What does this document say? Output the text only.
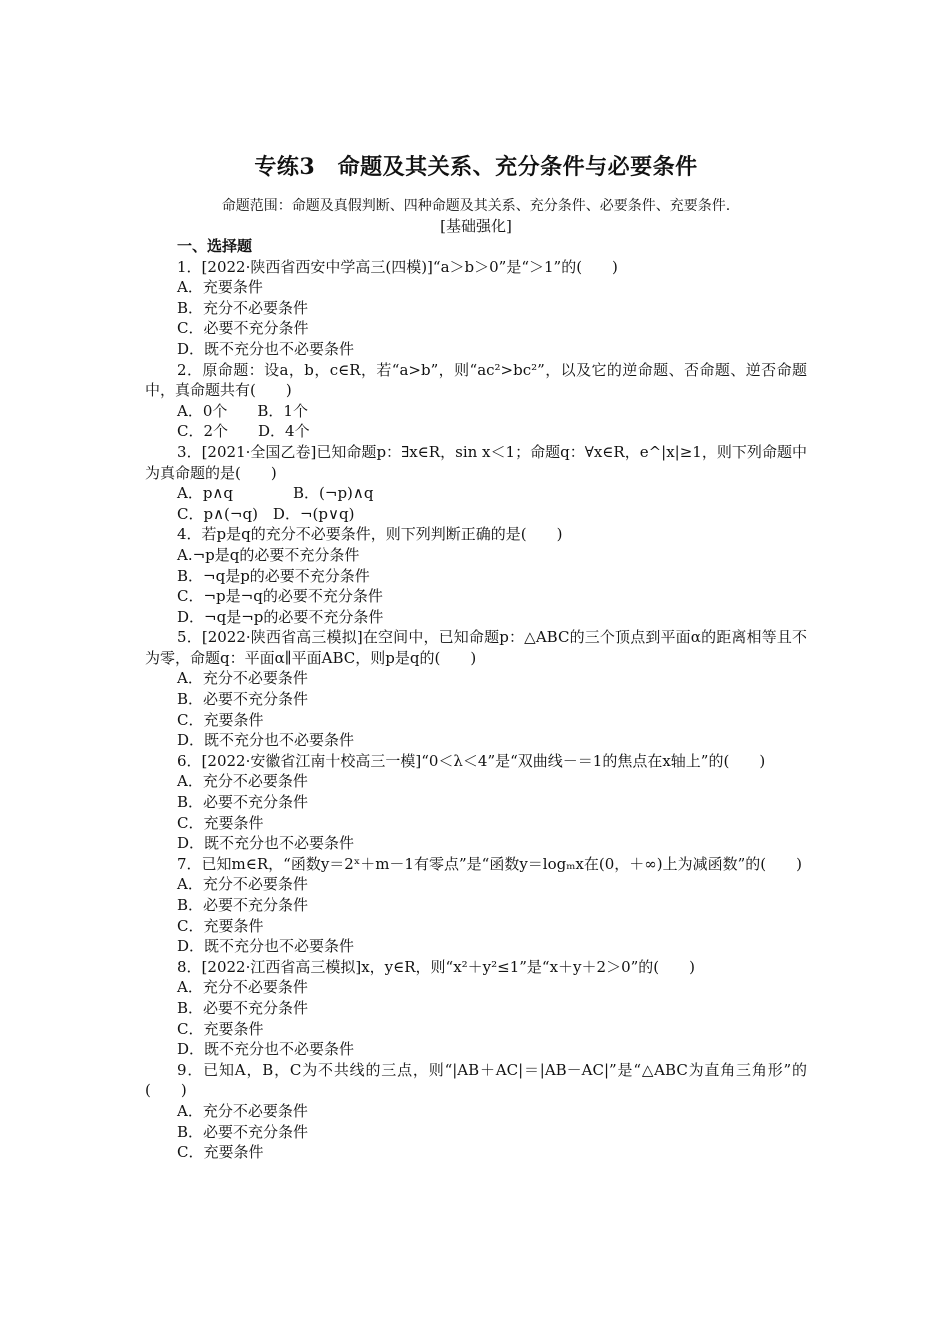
专练3　命题及其关系、充分条件与必要条件
命题范围：命题及真假判断、四种命题及其关系、充分条件、必要条件、充要条件.
[基础强化]
一、选择题
1．[2022·陕西省西安中学高三(四模)]“a＞b＞0”是“＞1”的(　　)
A．充要条件
B．充分不必要条件
C．必要不充分条件
D．既不充分也不必要条件
2．原命题：设a，b，c∈R，若“a>b”，则“ac²>bc²”，以及它的逆命题、否命题、逆否命题中，真命题共有(　　)
A．0个　　B．1个
C．2个　　D．4个
3．[2021·全国乙卷]已知命题p：∃x∈R，sin x＜1；命题q：∀x∈R，e^|x|≥1，则下列命题中为真命题的是(　　)
A．p∧q　　　　B．(¬p)∧q
C．p∧(¬q)　D．¬(p∨q)
4．若p是q的充分不必要条件，则下列判断正确的是(　　)
A.¬p是q的必要不充分条件
B．¬q是p的必要不充分条件
C．¬p是¬q的必要不充分条件
D．¬q是¬p的必要不充分条件
5．[2022·陕西省高三模拟]在空间中，已知命题p：△ABC的三个顶点到平面α的距离相等且不为零，命题q：平面α∥平面ABC，则p是q的(　　)
A．充分不必要条件
B．必要不充分条件
C．充要条件
D．既不充分也不必要条件
6．[2022·安徽省江南十校高三一模]“0＜λ＜4”是“双曲线－＝1的焦点在x轴上”的(　　)
A．充分不必要条件
B．必要不充分条件
C．充要条件
D．既不充分也不必要条件
7．已知m∈R，“函数y＝2ˣ＋m－1有零点”是“函数y＝logₘx在(0，＋∞)上为减函数”的(　　)
A．充分不必要条件
B．必要不充分条件
C．充要条件
D．既不充分也不必要条件
8．[2022·江西省高三模拟]x，y∈R，则“x²＋y²≤1”是“x＋y＋2＞0”的(　　)
A．充分不必要条件
B．必要不充分条件
C．充要条件
D．既不充分也不必要条件
9．已知A，B，C为不共线的三点，则“|AB＋AC|＝|AB－AC|”是“△ABC为直角三角形”的(　　)
A．充分不必要条件
B．必要不充分条件
C．充要条件
